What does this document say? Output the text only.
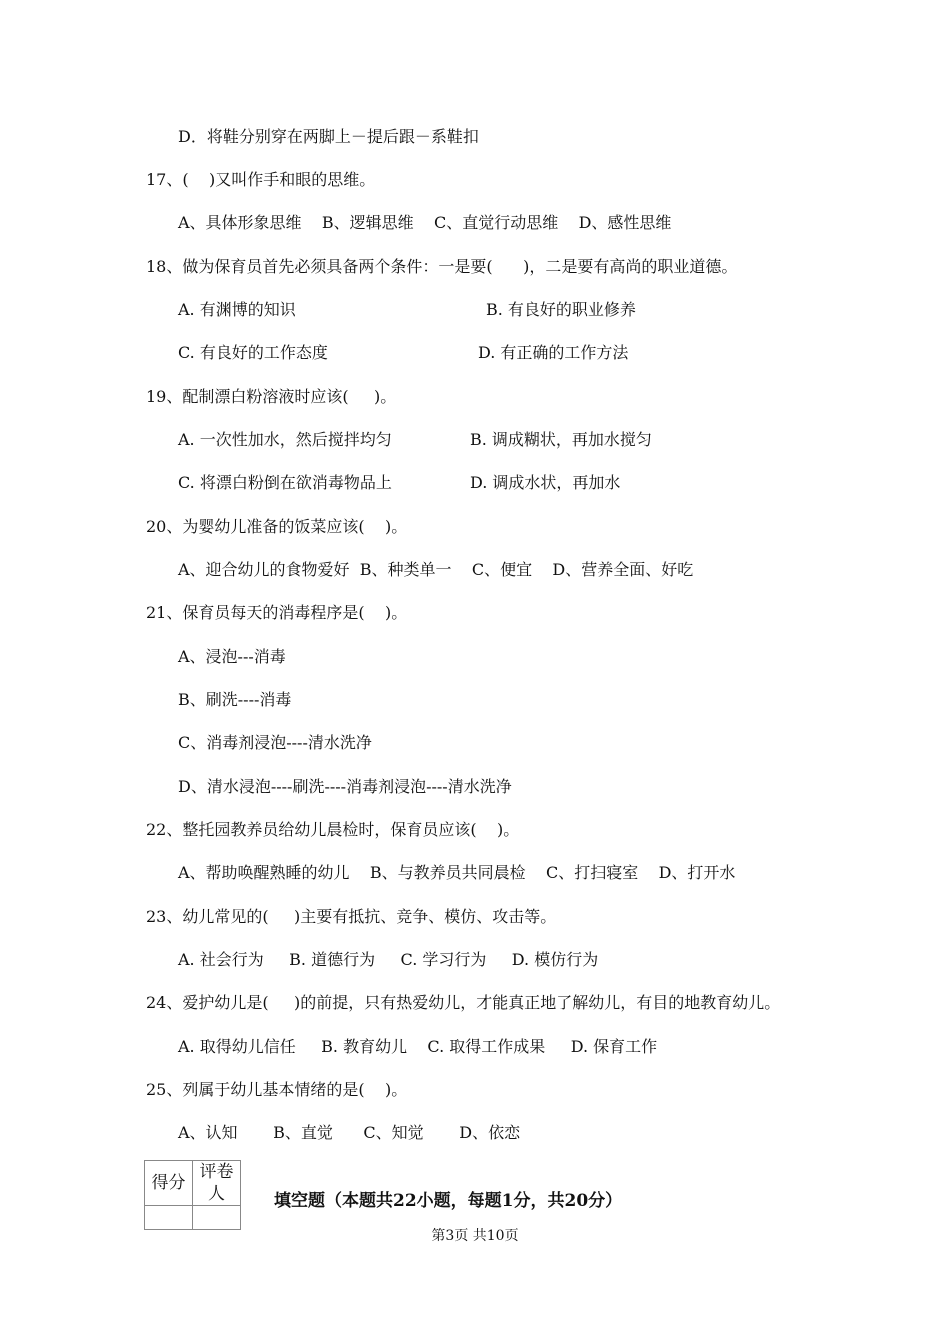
D．将鞋分别穿在两脚上－提后跟－系鞋扣
17、(    )又叫作手和眼的思维。
A、具体形象思维    B、逻辑思维    C、直觉行动思维    D、感性思维
18、做为保育员首先必须具备两个条件：一是要(      )，二是要有高尚的职业道德。
A. 有渊博的知识	B. 有良好的职业修养
C. 有良好的工作态度	D. 有正确的工作方法
19、配制漂白粉溶液时应该(     )。
A. 一次性加水，然后搅拌均匀	B. 调成糊状，再加水搅匀
C. 将漂白粉倒在欲消毒物品上	D. 调成水状，再加水
20、为婴幼儿准备的饭菜应该(    )。
A、迎合幼儿的食物爱好  B、种类单一    C、便宜    D、营养全面、好吃
21、保育员每天的消毒程序是(    )。
A、浸泡---消毒
B、刷洗----消毒
C、消毒剂浸泡----清水洗净
D、清水浸泡----刷洗----消毒剂浸泡----清水洗净
22、整托园教养员给幼儿晨检时，保育员应该(    )。
A、帮助唤醒熟睡的幼儿    B、与教养员共同晨检    C、打扫寝室    D、打开水
23、幼儿常见的(     )主要有抵抗、竞争、模仿、攻击等。
A. 社会行为     B. 道德行为     C. 学习行为     D. 模仿行为
24、爱护幼儿是(     )的前提，只有热爱幼儿，才能真正地了解幼儿，有目的地教育幼儿。
A. 取得幼儿信任     B. 教育幼儿    C. 取得工作成果     D. 保育工作
25、列属于幼儿基本情绪的是(    )。
A、认知       B、直觉      C、知觉       D、依恋
得分	评卷人
		填空题（本题共22小题，每题1分，共20分）
第3页 共10页
